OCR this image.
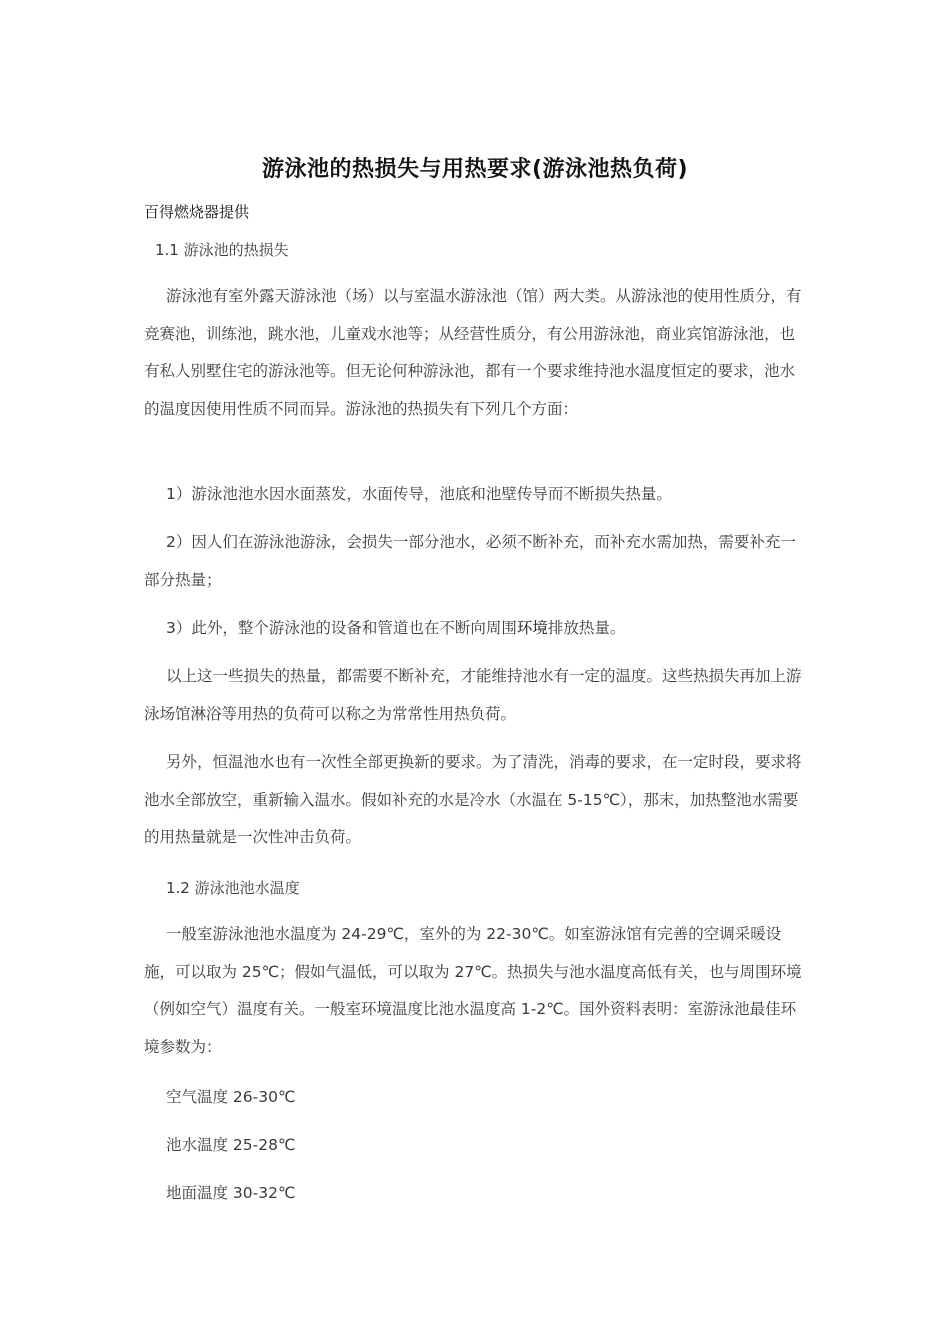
游泳池的热损失与用热要求(游泳池热负荷)
百得燃烧器提供
1.1 游泳池的热损失

游泳池有室外露天游泳池（场）以与室温水游泳池（馆）两大类。从游泳池的使用性质分，有竞赛池，训练池，跳水池，儿童戏水池等；从经营性质分，有公用游泳池，商业宾馆游泳池，也有私人别墅住宅的游泳池等。但无论何种游泳池，都有一个要求维持池水温度恒定的要求，池水的温度因使用性质不同而异。游泳池的热损失有下列几个方面：

1）游泳池池水因水面蒸发，水面传导，池底和池壁传导而不断损失热量。

2）因人们在游泳池游泳，会损失一部分池水，必须不断补充，而补充水需加热，需要补充一部分热量；

3）此外，整个游泳池的设备和管道也在不断向周围环境排放热量。

以上这一些损失的热量，都需要不断补充，才能维持池水有一定的温度。这些热损失再加上游泳场馆淋浴等用热的负荷可以称之为常常性用热负荷。

另外，恒温池水也有一次性全部更换新的要求。为了清洗，消毒的要求，在一定时段，要求将池水全部放空，重新输入温水。假如补充的水是冷水（水温在 5-15℃），那末，加热整池水需要的用热量就是一次性冲击负荷。

1.2 游泳池池水温度

一般室游泳池池水温度为 24-29℃，室外的为 22-30℃。如室游泳馆有完善的空调采暖设施，可以取为 25℃；假如气温低，可以取为 27℃。热损失与池水温度高低有关，也与周围环境（例如空气）温度有关。一般室环境温度比池水温度高 1-2℃。国外资料表明：室游泳池最佳环境参数为：

空气温度 26-30℃
池水温度 25-28℃
地面温度 30-32℃
